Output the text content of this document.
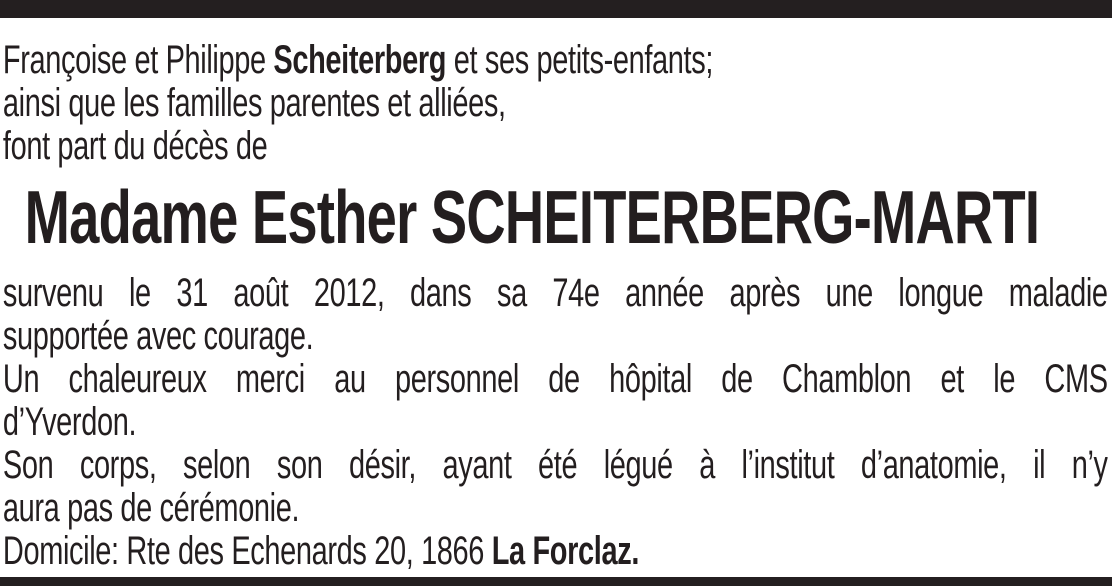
Françoise et Philippe Scheiterberg et ses petits-enfants;
ainsi que les familles parentes et alliées,
font part du décès de

Madame Esther SCHEITERBERG-MARTI
survenu le 31 août 2012, dans sa 74e année après une longue maladie
supportée avec courage.
Un chaleureux merci au personnel de hôpital de Chamblon et le CMS
d’Yverdon.
Son corps, selon son désir, ayant été légué à l’institut d’anatomie, il n’y
aura pas de cérémonie.
Domicile: Rte des Echenards 20, 1866 La Forclaz.
